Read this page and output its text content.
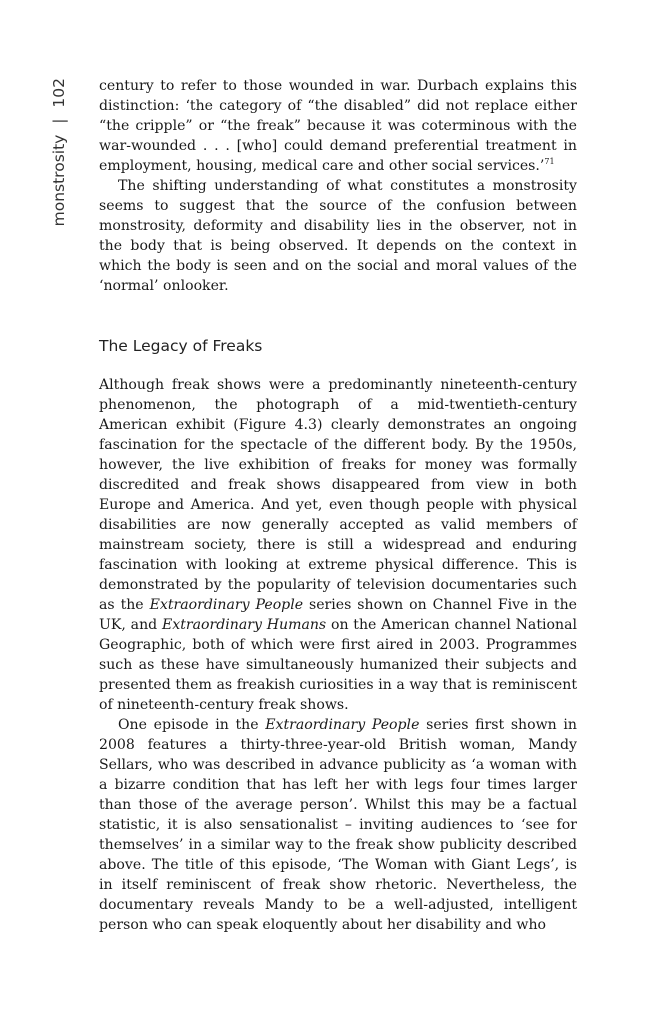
102
|
monstrosity

century to refer to those wounded in war. Durbach explains this distinction: ‘the category of “the disabled” did not replace either “the cripple” or “the freak” because it was coterminous with the war-wounded . . . [who] could demand preferential treatment in employment, housing, medical care and other social services.’$^{71}$

The shifting understanding of what constitutes a monstrosity seems to suggest that the source of the confusion between monstrosity, deformity and disability lies in the observer, not in the body that is being observed. It depends on the context in which the body is seen and on the social and moral values of the ‘normal’ onlooker.

The Legacy of Freaks

Although freak shows were a predominantly nineteenth-century phenomenon, the photograph of a mid-twentieth-century American exhibit (Figure 4.3) clearly demonstrates an ongoing fascination for the spectacle of the different body. By the 1950s, however, the live exhibition of freaks for money was formally discredited and freak shows disappeared from view in both Europe and America. And yet, even though people with physical disabilities are now generally accepted as valid members of mainstream society, there is still a widespread and enduring fascination with looking at extreme physical difference. This is demonstrated by the popularity of television documentaries such as the Extraordinary People series shown on Channel Five in the UK, and Extraordinary Humans on the American channel National Geographic, both of which were first aired in 2003. Programmes such as these have simultaneously humanized their subjects and presented them as freakish curiosities in a way that is reminiscent of nineteenth-century freak shows.

One episode in the Extraordinary People series first shown in 2008 features a thirty-three-year-old British woman, Mandy Sellars, who was described in advance publicity as ‘a woman with a bizarre condition that has left her with legs four times larger than those of the average person’. Whilst this may be a factual statistic, it is also sensationalist – inviting audiences to ‘see for themselves’ in a similar way to the freak show publicity described above. The title of this episode, ‘The Woman with Giant Legs’, is in itself reminiscent of freak show rhetoric. Nevertheless, the documentary reveals Mandy to be a well-adjusted, intelligent person who can speak eloquently about her disability and who
